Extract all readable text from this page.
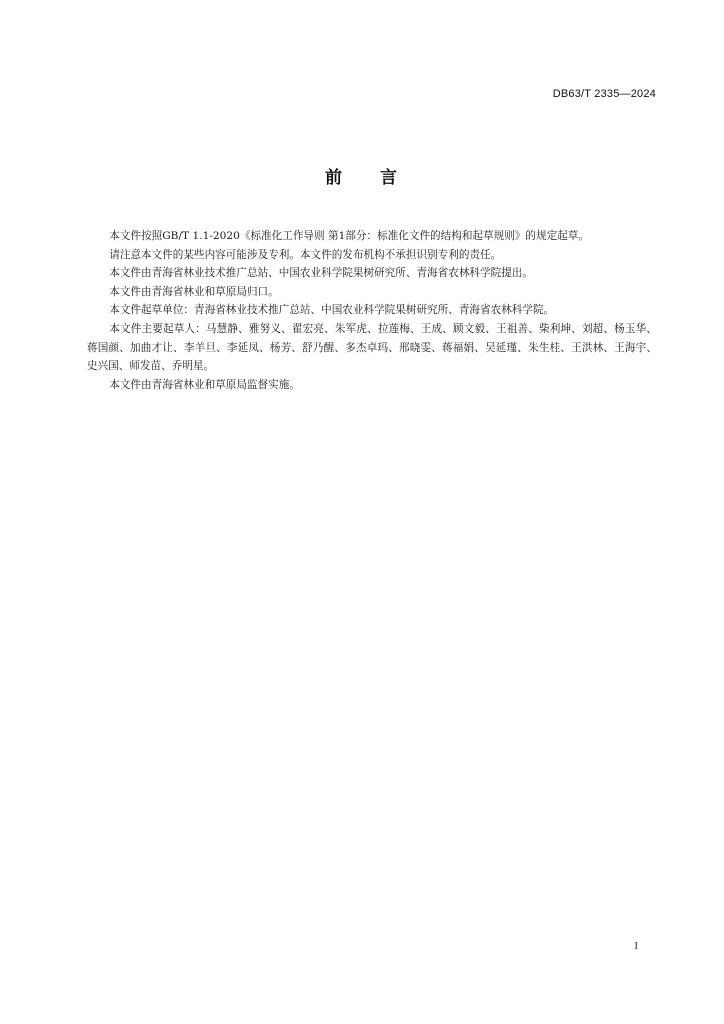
DB63/T 2335—2024
前 言

本文件按照GB/T 1.1-2020《标准化工作导则 第1部分：标准化文件的结构和起草规则》的规定起草。

请注意本文件的某些内容可能涉及专利。本文件的发布机构不承担识别专利的责任。

本文件由青海省林业技术推广总站、中国农业科学院果树研究所、青海省农林科学院提出。

本文件由青海省林业和草原局归口。

本文件起草单位：青海省林业技术推广总站、中国农业科学院果树研究所、青海省农林科学院。

本文件主要起草人：马慧静、雅努义、翟宏亮、朱军虎、拉莲梅、王成、顾文毅、王祖善、柴利坤、刘超、杨玉华、蒋国颜、加曲才让、李羊旦、李延凤、杨芳、舒乃醒、多杰卓玛、邢晓雯、蒋福娟、吴延瑾、朱生桂、王洪林、王海宇、史兴国、师发苗、乔明星。

本文件由青海省林业和草原局监督实施。

I
